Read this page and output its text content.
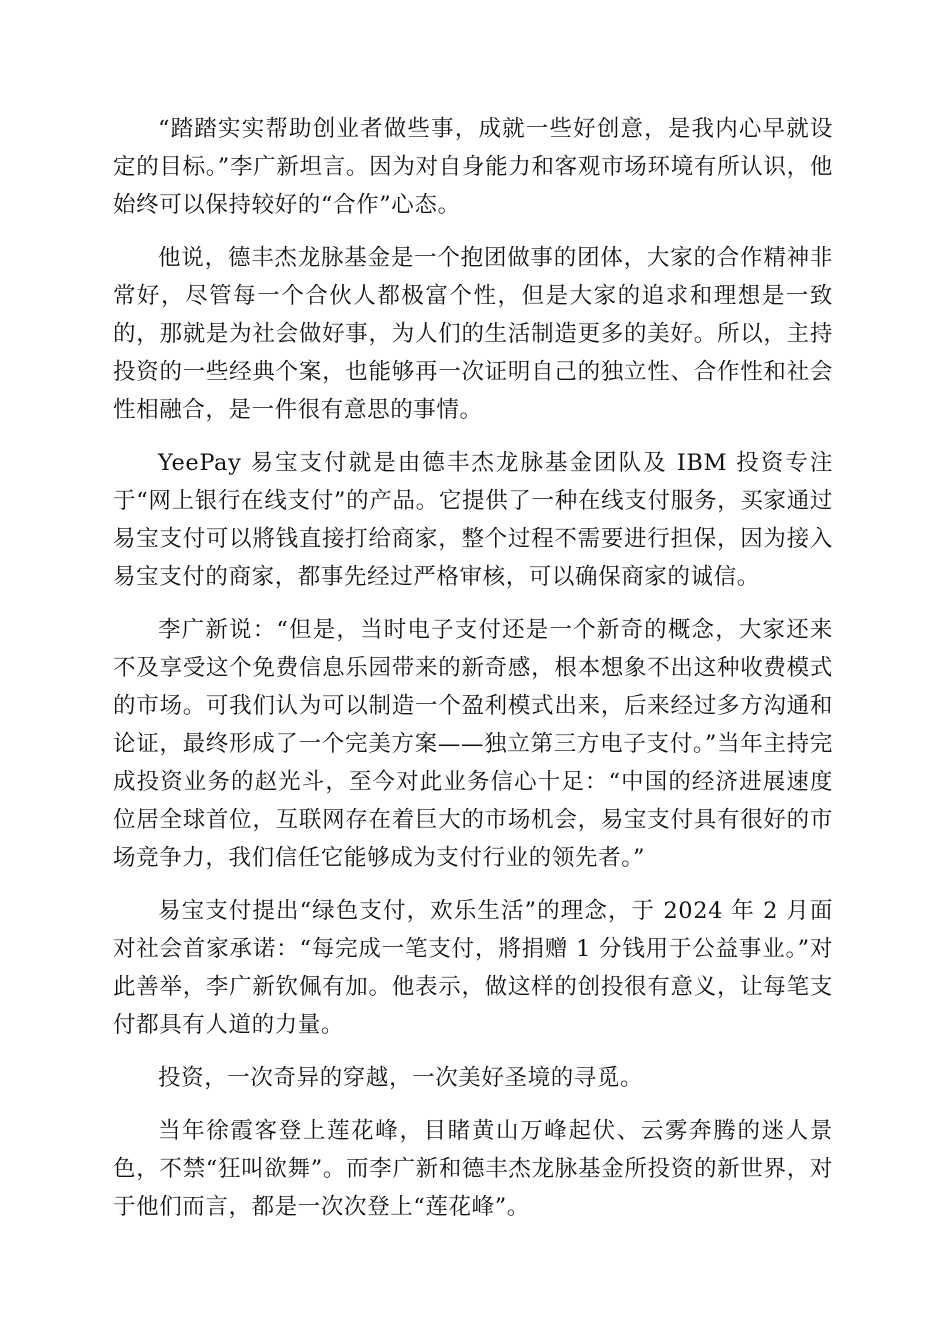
“踏踏实实帮助创业者做些事，成就一些好创意，是我内心早就设定的目标。”李广新坦言。因为对自身能力和客观市场环境有所认识，他始终可以保持较好的“合作”心态。

他说，德丰杰龙脉基金是一个抱团做事的团体，大家的合作精神非常好，尽管每一个合伙人都极富个性，但是大家的追求和理想是一致的，那就是为社会做好事，为人们的生活制造更多的美好。所以，主持投资的一些经典个案，也能够再一次证明自己的独立性、合作性和社会性相融合，是一件很有意思的事情。

YeePay 易宝支付就是由德丰杰龙脉基金团队及 IBM 投资专注于“网上银行在线支付”的产品。它提供了一种在线支付服务，买家通过易宝支付可以將钱直接打给商家，整个过程不需要进行担保，因为接入易宝支付的商家，都事先经过严格审核，可以确保商家的诚信。

李广新说：“但是，当时电子支付还是一个新奇的概念，大家还来不及享受这个免费信息乐园带来的新奇感，根本想象不出这种收费模式的市场。可我们认为可以制造一个盈利模式出来，后来经过多方沟通和论证，最终形成了一个完美方案——独立第三方电子支付。”当年主持完成投资业务的赵光斗，至今对此业务信心十足：“中国的经济进展速度位居全球首位，互联网存在着巨大的市场机会，易宝支付具有很好的市场竞争力，我们信任它能够成为支付行业的领先者。”

易宝支付提出“绿色支付，欢乐生活”的理念，于 2024 年 2 月面对社会首家承诺：“每完成一笔支付，將捐赠 1 分钱用于公益事业。”对此善举，李广新钦佩有加。他表示，做这样的创投很有意义，让每笔支付都具有人道的力量。

投资，一次奇异的穿越，一次美好圣境的寻觅。

当年徐霞客登上莲花峰，目睹黄山万峰起伏、云雾奔腾的迷人景色，不禁“狂叫欲舞”。而李广新和德丰杰龙脉基金所投资的新世界，对于他们而言，都是一次次登上“莲花峰”。
